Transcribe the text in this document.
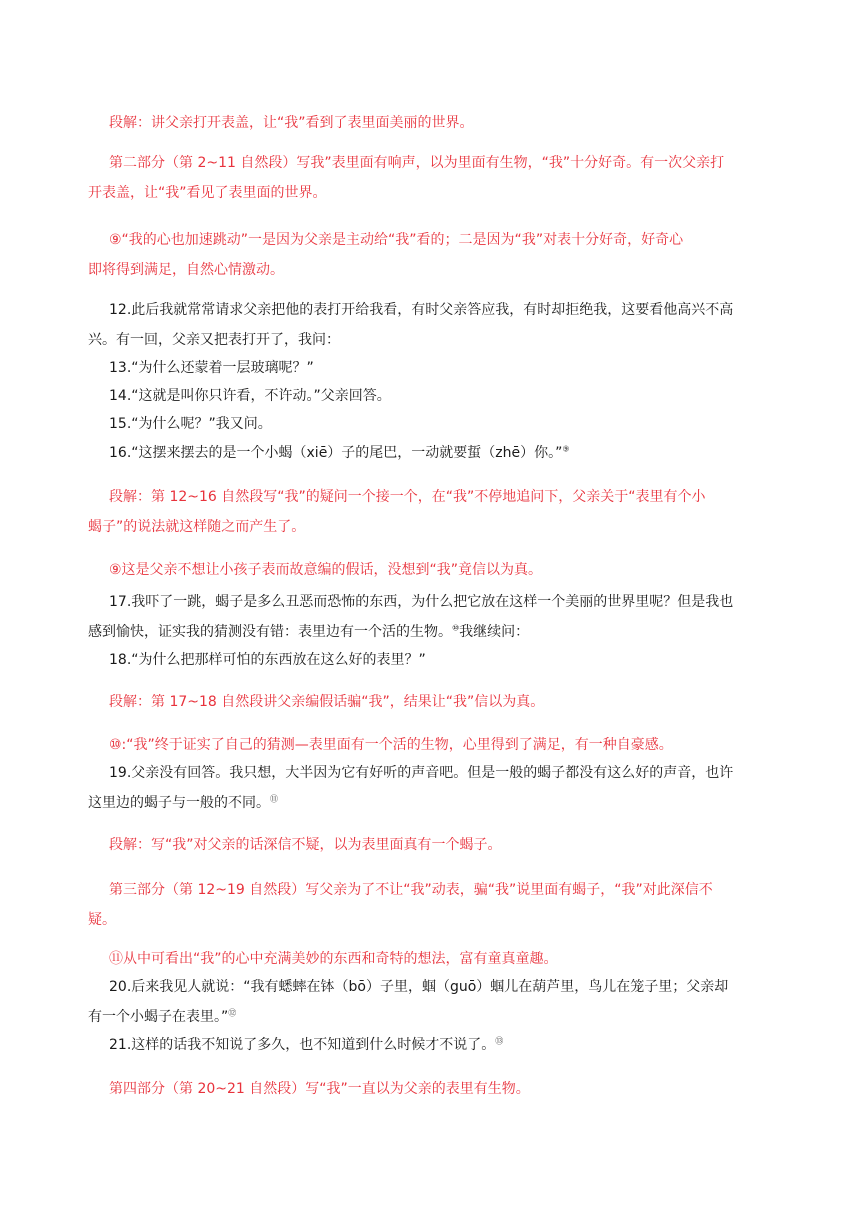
段解：讲父亲打开表盖，让“我”看到了表里面美丽的世界。

第二部分（第 2~11 自然段）写我”表里面有响声，以为里面有生物，“我”十分好奇。有一次父亲打
开表盖，让“我”看见了表里面的世界。

⑨“我的心也加速跳动”一是因为父亲是主动给“我”看的；二是因为“我”对表十分好奇，好奇心
即将得到满足，自然心情激动。

12.此后我就常常请求父亲把他的表打开给我看，有时父亲答应我，有时却拒绝我，这要看他高兴不高
兴。有一回，父亲又把表打开了，我问：

13.“为什么还蒙着一层玻璃呢？”

14.“这就是叫你只许看，不许动。”父亲回答。

15.“为什么呢？”我又问。

16.“这摆来摆去的是一个小蝎（xiē）子的尾巴，一动就要蜇（zhē）你。”⑨

段解：第 12~16 自然段写“我”的疑问一个接一个，在“我”不停地追问下，父亲关于“表里有个小
蝎子”的说法就这样随之而产生了。

⑨这是父亲不想让小孩子表而故意编的假话，没想到“我”竟信以为真。

17.我吓了一跳，蝎子是多么丑恶而恐怖的东西，为什么把它放在这样一个美丽的世界里呢？但是我也
感到愉快，证实我的猜测没有错：表里边有一个活的生物。⑩我继续问：

18.“为什么把那样可怕的东西放在这么好的表里？”

段解：第 17~18 自然段讲父亲编假话骗“我”，结果让“我”信以为真。

⑩:“我”终于证实了自己的猜测—表里面有一个活的生物，心里得到了满足，有一种自豪感。

19.父亲没有回答。我只想，大半因为它有好听的声音吧。但是一般的蝎子都没有这么好的声音，也许
这里边的蝎子与一般的不同。⑪

段解：写“我”对父亲的话深信不疑，以为表里面真有一个蝎子。

第三部分（第 12~19 自然段）写父亲为了不让“我”动表，骗“我”说里面有蝎子，“我”对此深信不
疑。

⑪从中可看出“我”的心中充满美妙的东西和奇特的想法，富有童真童趣。

20.后来我见人就说：“我有蟋蟀在钵（bō）子里，蝈（guō）蝈儿在葫芦里，鸟儿在笼子里；父亲却
有一个小蝎子在表里。”⑫

21.这样的话我不知说了多久，也不知道到什么时候才不说了。⑬

第四部分（第 20~21 自然段）写“我”一直以为父亲的表里有生物。
